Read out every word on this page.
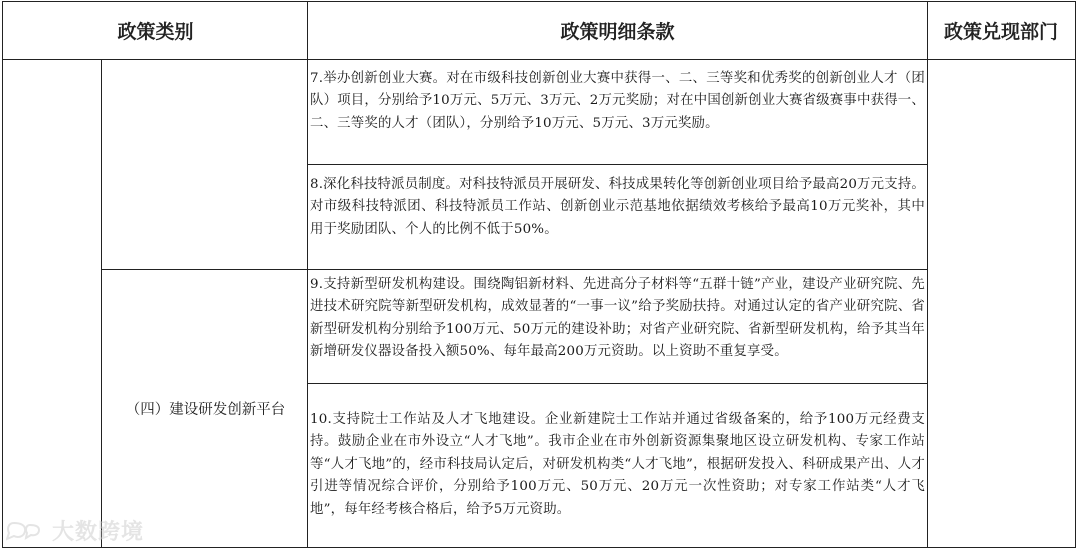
政策类别	政策明细条款	政策兑现部门
7.举办创新创业大赛。对在市级科技创新创业大赛中获得一、二、三等奖和优秀奖的创新创业人才（团队）项目，分别给予10万元、5万元、3万元、2万元奖励；对在中国创新创业大赛省级赛事中获得一、二、三等奖的人才（团队），分别给予10万元、5万元、3万元奖励。
8.深化科技特派员制度。对科技特派员开展研发、科技成果转化等创新创业项目给予最高20万元支持。对市级科技特派团、科技特派员工作站、创新创业示范基地依据绩效考核给予最高10万元奖补，其中用于奖励团队、个人的比例不低于50%。
9.支持新型研发机构建设。围绕陶铝新材料、先进高分子材料等“五群十链”产业，建设产业研究院、先进技术研究院等新型研发机构，成效显著的“一事一议”给予奖励扶持。对通过认定的省产业研究院、省新型研发机构分别给予100万元、50万元的建设补助；对省产业研究院、省新型研发机构，给予其当年新增研发仪器设备投入额50%、每年最高200万元资助。以上资助不重复享受。
10.支持院士工作站及人才飞地建设。企业新建院士工作站并通过省级备案的，给予100万元经费支持。鼓励企业在市外设立“人才飞地”。我市企业在市外创新资源集聚地区设立研发机构、专家工作站等“人才飞地”的，经市科技局认定后，对研发机构类“人才飞地”，根据研发投入、科研成果产出、人才引进等情况综合评价，分别给予100万元、50万元、20万元一次性资助；对专家工作站类“人才飞地”，每年经考核合格后，给予5万元资助。
（四）建设研发创新平台
大数跨境
